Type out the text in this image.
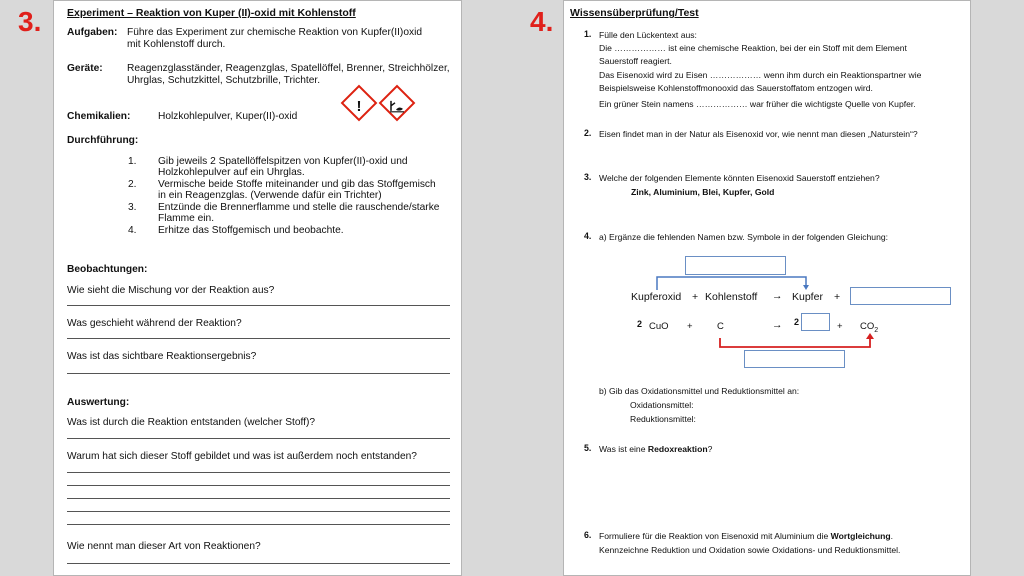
3.	4.
Experiment – Reaktion von Kuper (II)-oxid mit Kohlenstoff
Aufgaben: Führe das Experiment zur chemische Reaktion von Kupfer(II)oxid
mit Kohlenstoff durch.
Geräte: Reagenzglasständer, Reagenzglas, Spatellöffel, Brenner, Streichhölzer,
Uhrglas, Schutzkittel, Schutzbrille, Trichter.
!
Chemikalien:	Holzkohlepulver, Kuper(II)-oxid
Durchführung:
1. Gib jeweils 2 Spatellöffelspitzen von Kupfer(II)-oxid und
Holzkohlepulver auf ein Uhrglas.
2. Vermische beide Stoffe miteinander und gib das Stoffgemisch
in ein Reagenzglas. (Verwende dafür ein Trichter)
3. Entzünde die Brennerflamme und stelle die rauschende/starke
Flamme ein.
4. Erhitze das Stoffgemisch und beobachte.
Beobachtungen:
Wie sieht die Mischung vor der Reaktion aus?
Was geschieht während der Reaktion?
Was ist das sichtbare Reaktionsergebnis?
Auswertung:
Was ist durch die Reaktion entstanden (welcher Stoff)?
Warum hat sich dieser Stoff gebildet und was ist außerdem noch entstanden?
Wie nennt man dieser Art von Reaktionen?
Wissensüberprüfung/Test
1. Fülle den Lückentext aus:
Die ……………… ist eine chemische Reaktion, bei der ein Stoff mit dem Element
Sauerstoff reagiert.
Das Eisenoxid wird zu Eisen ……………… wenn ihm durch ein Reaktionspartner wie
Beispielsweise Kohlenstoffmonooxid das Sauerstoffatom entzogen wird.
Ein grüner Stein namens ……………… war früher die wichtigste Quelle von Kupfer.
2. Eisen findet man in der Natur als Eisenoxid vor, wie nennt man diesen „Naturstein“?
3. Welche der folgenden Elemente könnten Eisenoxid Sauerstoff entziehen?
Zink, Aluminium, Blei, Kupfer, Gold
4. a) Ergänze die fehlenden Namen bzw. Symbole in der folgenden Gleichung:
Kupferoxid + Kohlenstoff → Kupfer +
2 CuO +	C	→ 2	+ $CO_2$
b) Gib das Oxidationsmittel und Reduktionsmittel an:
Oxidationsmittel:
Reduktionsmittel:
5. Was ist eine Redoxreaktion?
6. Formuliere für die Reaktion von Eisenoxid mit Aluminium die Wortgleichung.
Kennzeichne Reduktion und Oxidation sowie Oxidations- und Reduktionsmittel.
